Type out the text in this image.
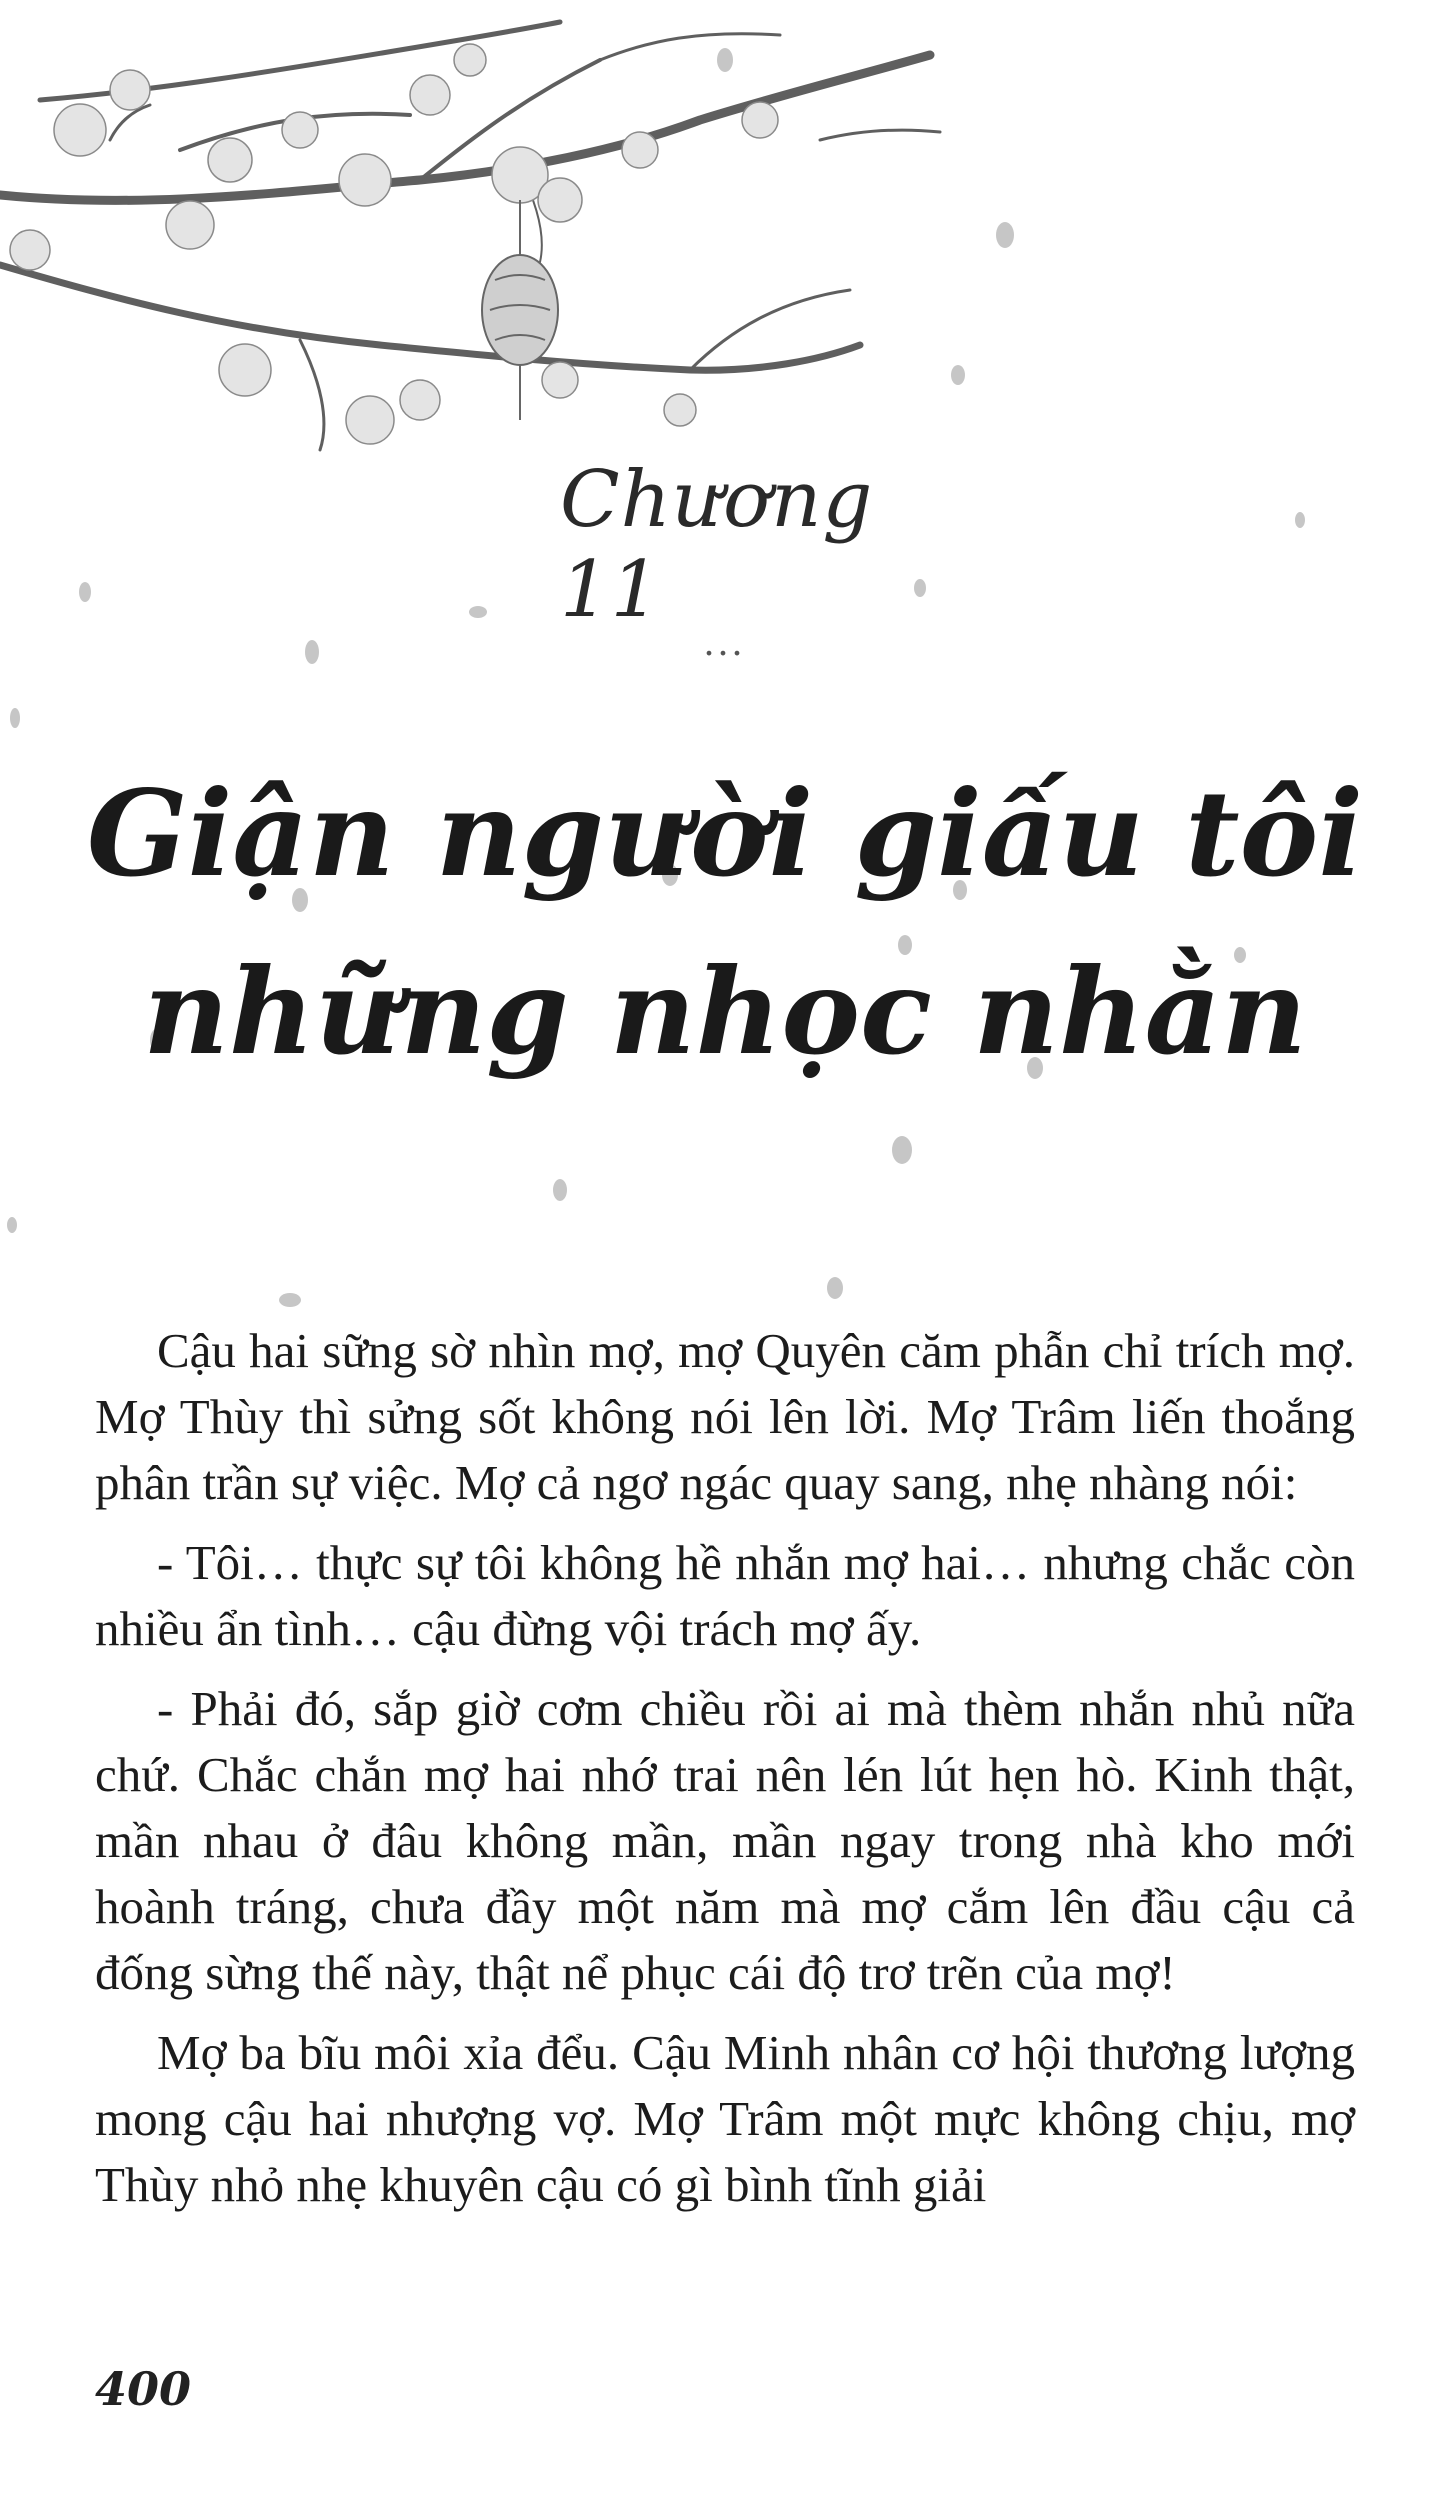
Chương 11
...
Giận người giấu tôi
những nhọc nhằn

Cậu hai sững sờ nhìn mợ, mợ Quyên căm phẫn chỉ trích mợ. Mợ Thùy thì sửng sốt không nói lên lời. Mợ Trâm liến thoắng phân trần sự việc. Mợ cả ngơ ngác quay sang, nhẹ nhàng nói:

- Tôi… thực sự tôi không hề nhắn mợ hai… nhưng chắc còn nhiều ẩn tình… cậu đừng vội trách mợ ấy.

- Phải đó, sắp giờ cơm chiều rồi ai mà thèm nhắn nhủ nữa chứ. Chắc chắn mợ hai nhớ trai nên lén lút hẹn hò. Kinh thật, mần nhau ở đâu không mần, mần ngay trong nhà kho mới hoành tráng, chưa đầy một năm mà mợ cắm lên đầu cậu cả đống sừng thế này, thật nể phục cái độ trơ trẽn của mợ!

Mợ ba bĩu môi xỉa đểu. Cậu Minh nhân cơ hội thương lượng mong cậu hai nhượng vợ. Mợ Trâm một mực không chịu, mợ Thùy nhỏ nhẹ khuyên cậu có gì bình tĩnh giải

400
